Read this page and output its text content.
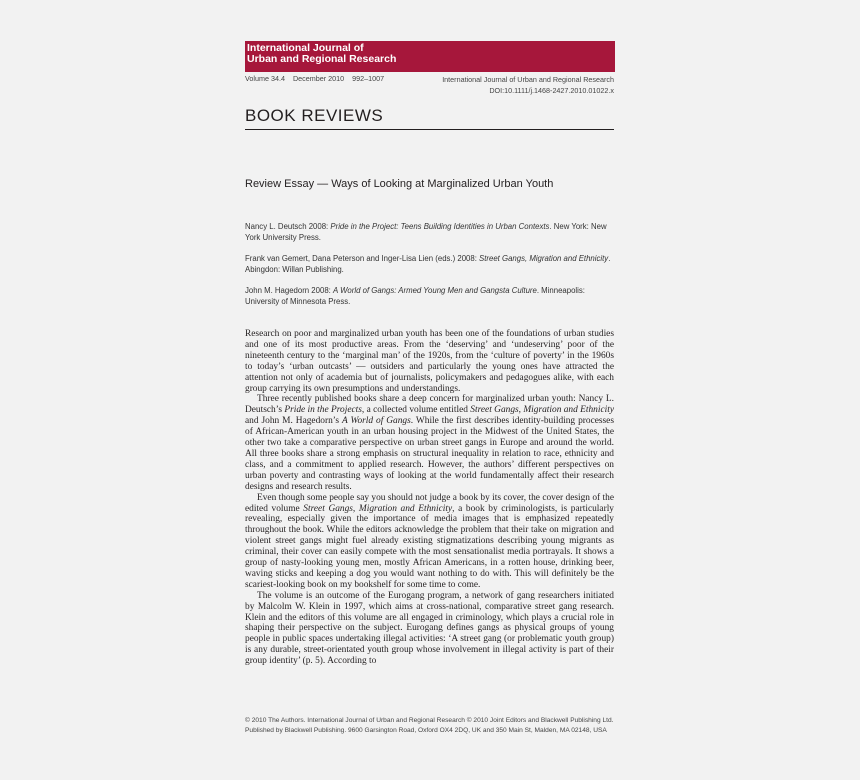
International Journal of
Urban and Regional Research
Volume 34.4 December 2010 992–1007	International Journal of Urban and Regional Research
DOI:10.1111/j.1468-2427.2010.01022.x
BOOK REVIEWS
Review Essay — Ways of Looking at Marginalized Urban Youth
Nancy L. Deutsch 2008: Pride in the Project: Teens Building Identities in Urban Contexts. New York: New York University Press.
Frank van Gemert, Dana Peterson and Inger-Lisa Lien (eds.) 2008: Street Gangs, Migration and Ethnicity. Abingdon: Willan Publishing.
John M. Hagedorn 2008: A World of Gangs: Armed Young Men and Gangsta Culture. Minneapolis: University of Minnesota Press.

Research on poor and marginalized urban youth has been one of the foundations of urban studies and one of its most productive areas. From the ‘deserving’ and ‘undeserving’ poor of the nineteenth century to the ‘marginal man’ of the 1920s, from the ‘culture of poverty’ in the 1960s to today’s ‘urban outcasts’ — outsiders and particularly the young ones have attracted the attention not only of academia but of journalists, policymakers and pedagogues alike, with each group carrying its own presumptions and understandings.

Three recently published books share a deep concern for marginalized urban youth: Nancy L. Deutsch’s Pride in the Projects, a collected volume entitled Street Gangs, Migration and Ethnicity and John M. Hagedorn’s A World of Gangs. While the first describes identity-building processes of African-American youth in an urban housing project in the Midwest of the United States, the other two take a comparative perspective on urban street gangs in Europe and around the world. All three books share a strong emphasis on structural inequality in relation to race, ethnicity and class, and a commitment to applied research. However, the authors’ different perspectives on urban poverty and contrasting ways of looking at the world fundamentally affect their research designs and research results.

Even though some people say you should not judge a book by its cover, the cover design of the edited volume Street Gangs, Migration and Ethnicity, a book by criminologists, is particularly revealing, especially given the importance of media images that is emphasized repeatedly throughout the book. While the editors acknowledge the problem that their take on migration and violent street gangs might fuel already existing stigmatizations describing young migrants as criminal, their cover can easily compete with the most sensationalist media portrayals. It shows a group of nasty-looking young men, mostly African Americans, in a rotten house, drinking beer, waving sticks and keeping a dog you would want nothing to do with. This will definitely be the scariest-looking book on my bookshelf for some time to come.

The volume is an outcome of the Eurogang program, a network of gang researchers initiated by Malcolm W. Klein in 1997, which aims at cross-national, comparative street gang research. Klein and the editors of this volume are all engaged in criminology, which plays a crucial role in shaping their perspective on the subject. Eurogang defines gangs as physical groups of young people in public spaces undertaking illegal activities: ‘A street gang (or problematic youth group) is any durable, street-orientated youth group whose involvement in illegal activity is part of their group identity’ (p. 5). According to

© 2010 The Authors. International Journal of Urban and Regional Research © 2010 Joint Editors and Blackwell Publishing Ltd. Published by Blackwell Publishing. 9600 Garsington Road, Oxford OX4 2DQ, UK and 350 Main St, Malden, MA 02148, USA
